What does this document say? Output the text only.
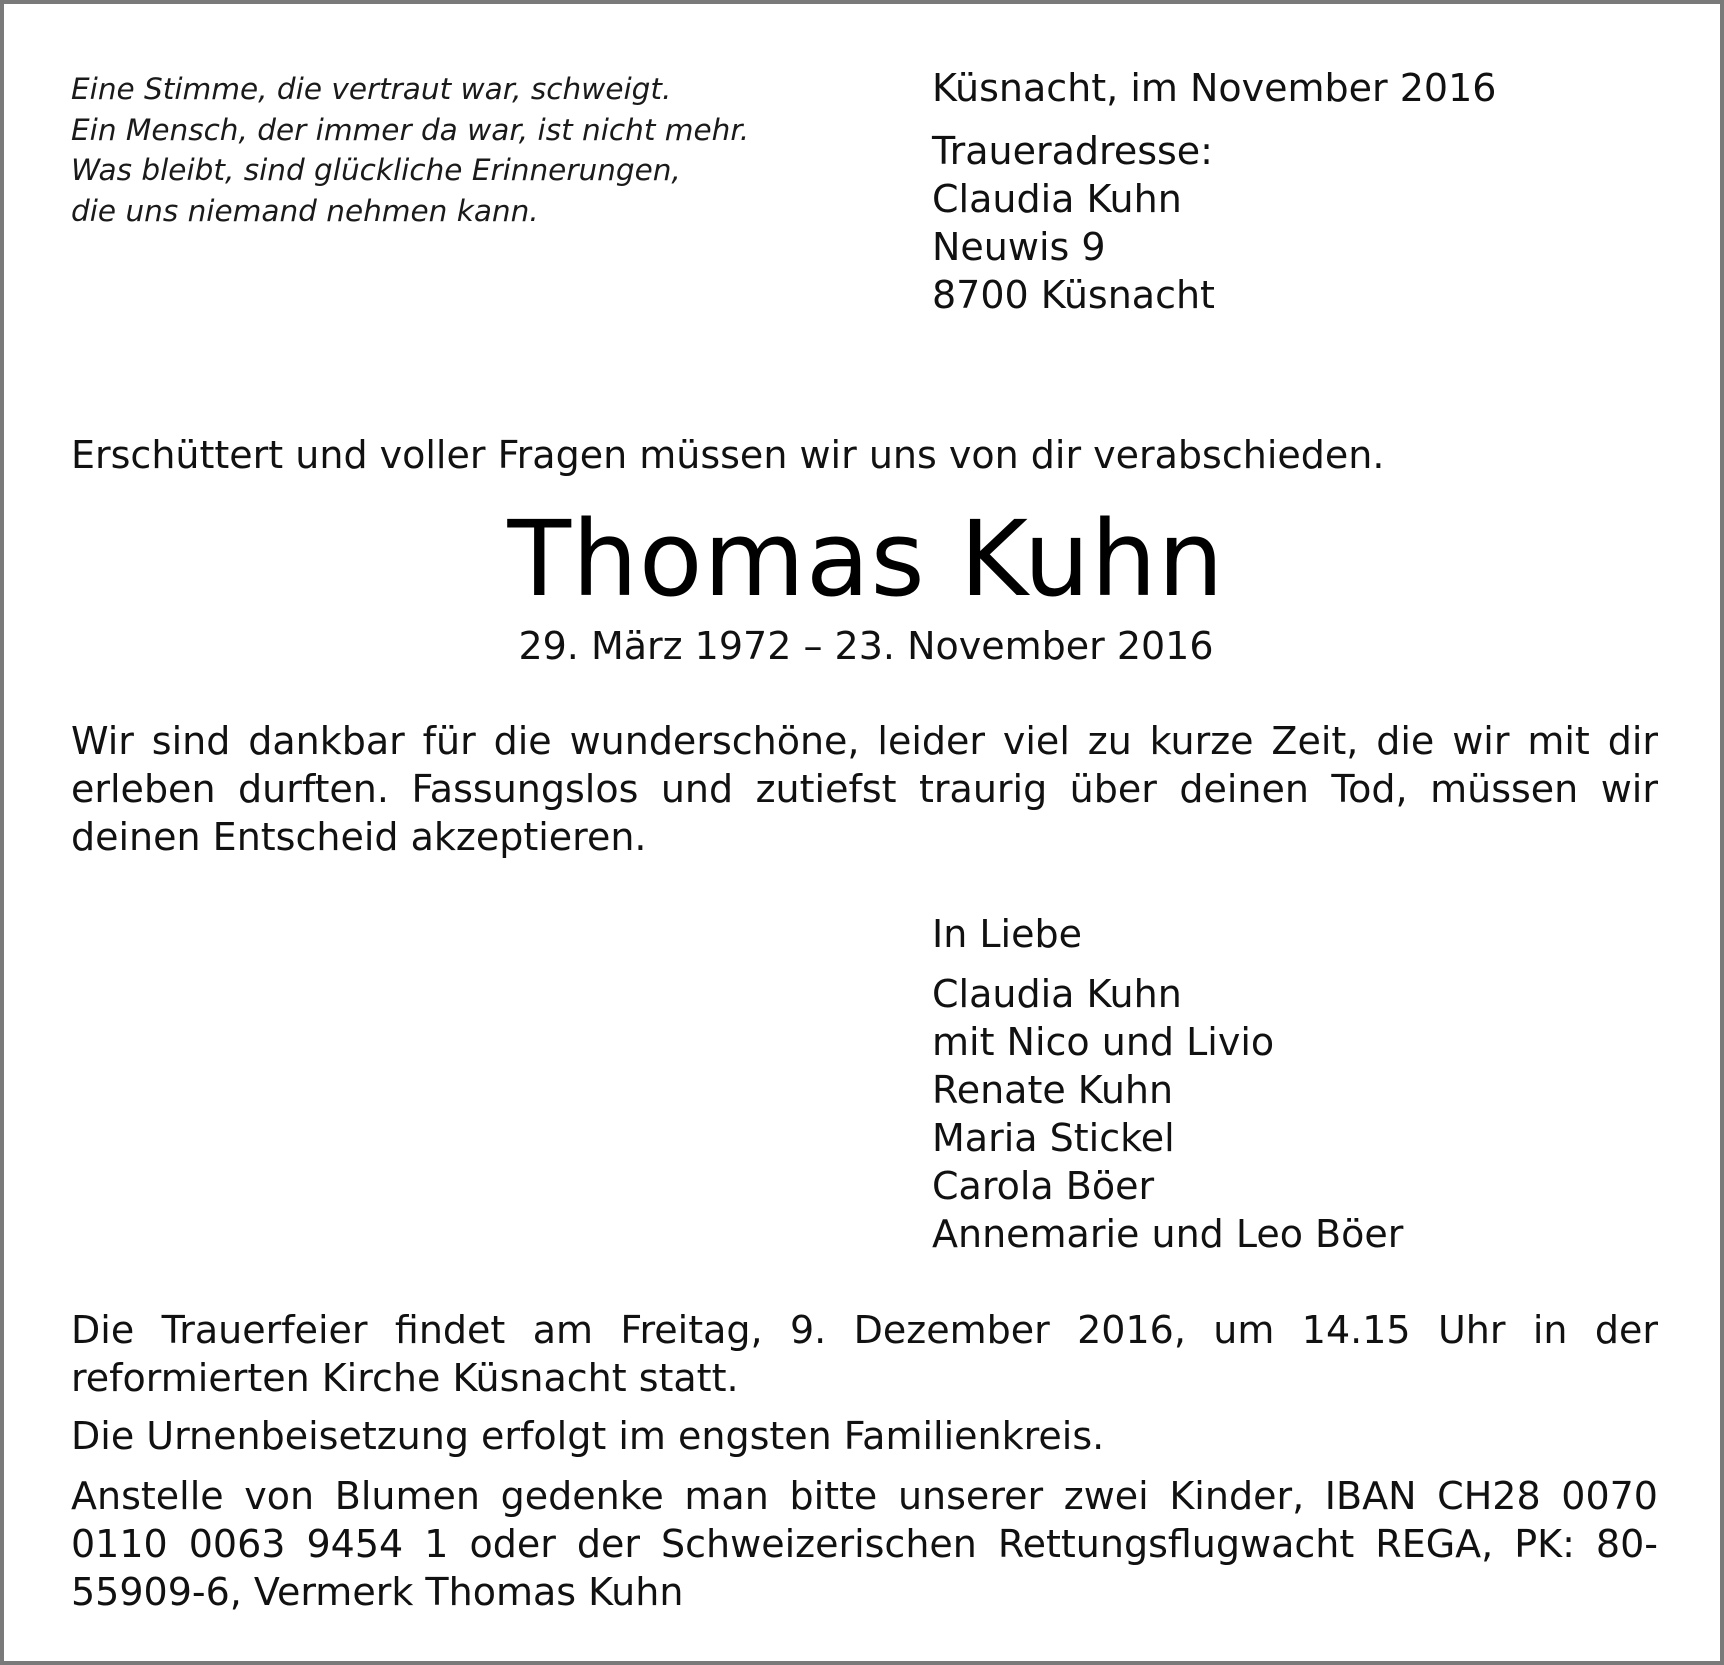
Eine Stimme, die vertraut war, schweigt.
Ein Mensch, der immer da war, ist nicht mehr.
Was bleibt, sind glückliche Erinnerungen,
die uns niemand nehmen kann.
Küsnacht, im November 2016
Traueradresse:
Claudia Kuhn
Neuwis 9
8700 Küsnacht
Erschüttert und voller Fragen müssen wir uns von dir verabschieden.
Thomas Kuhn
29. März 1972 – 23. November 2016
Wir sind dankbar für die wunderschöne, leider viel zu kurze Zeit, die wir mit dir erleben durften. Fassungslos und zutiefst traurig über deinen Tod, müssen wir deinen Entscheid akzeptieren.
In Liebe
Claudia Kuhn
mit Nico und Livio
Renate Kuhn
Maria Stickel
Carola Böer
Annemarie und Leo Böer
Die Trauerfeier findet am Freitag, 9. Dezember 2016, um 14.15 Uhr in der reformierten Kirche Küsnacht statt.
Die Urnenbeisetzung erfolgt im engsten Familienkreis.
Anstelle von Blumen gedenke man bitte unserer zwei Kinder, IBAN CH28 0070 0110 0063 9454 1 oder der Schweizerischen Rettungsflugwacht REGA, PK: 80-55909-6, Vermerk Thomas Kuhn
